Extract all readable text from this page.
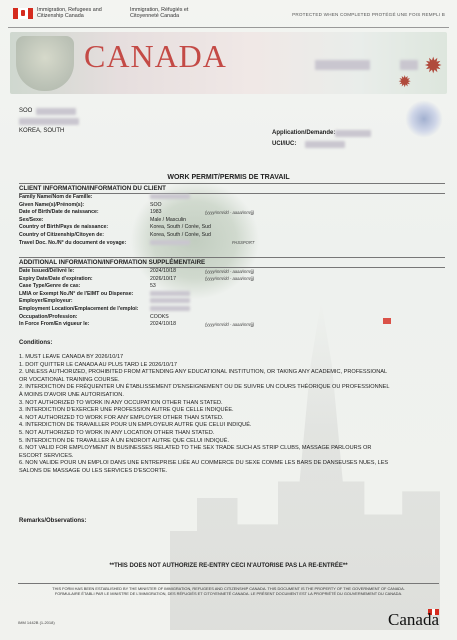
Immigration, Refugees and
Citizenship Canada
Immigration, Réfugiés et
Citoyenneté Canada	PROTECTED WHEN COMPLETED PROTÉGÉ UNE FOIS REMPLI B
CANADA	✹
✹
SOO
KOREA, SOUTH	Application/Demande:
UCI/IUC:
WORK PERMIT/PERMIS DE TRAVAIL
CLIENT INFORMATION/INFORMATION DU CLIENT
Family Name/Nom de Famille:
Given Name(s)/Prénom(s):	SOO
Date of Birth/Date de naissance:	1983	(yyyy/mm/dd - aaaa/mm/jj)
Sex/Sexe:	Male / Masculin
Country of Birth/Pays de naissance:	Korea, South / Corée, Sud
Country of Citizenship/Citoyen de:	Korea, South / Corée, Sud
Travel Doc. No./N° du document de voyage:	PASSPORT
ADDITIONAL INFORMATION/INFORMATION SUPPLÉMENTAIRE
Date Issued/Délivré le:	2024/10/18	(yyyy/mm/dd - aaaa/mm/jj)
Expiry Date/Date d'expiration:	2026/10/17	(yyyy/mm/dd - aaaa/mm/jj)
Case Type/Genre de cas:	53
LMIA or Exempt No./N° de l'EIMT ou Dispense:
Employer/Employeur:
Employment Location/Emplacement de l'emploi:
Occupation/Profession:	COOKS
In Force From/En vigueur le:	2024/10/18	(yyyy/mm/dd - aaaa/mm/jj)
Conditions:
1. MUST LEAVE CANADA BY 2026/10/17
1. DOIT QUITTER LE CANADA AU PLUS TARD LE 2026/10/17
2. UNLESS AUTHORIZED, PROHIBITED FROM ATTENDING ANY EDUCATIONAL INSTITUTION, OR TAKING ANY ACADEMIC, PROFESSIONAL
OR VOCATIONAL TRAINING COURSE.
2. INTERDICTION DE FRÉQUENTER UN ÉTABLISSEMENT D'ENSEIGNEMENT OU DE SUIVRE UN COURS THÉORIQUE OU PROFESSIONNEL
À MOINS D'AVOIR UNE AUTORISATION.
3. NOT AUTHORIZED TO WORK IN ANY OCCUPATION OTHER THAN STATED.
3. INTERDICTION D'EXERCER UNE PROFESSION AUTRE QUE CELLE INDIQUÉE.
4. NOT AUTHORIZED TO WORK FOR ANY EMPLOYER OTHER THAN STATED.
4. INTERDICTION DE TRAVAILLER POUR UN EMPLOYEUR AUTRE QUE CELUI INDIQUÉ.
5. NOT AUTHORIZED TO WORK IN ANY LOCATION OTHER THAN STATED.
5. INTERDICTION DE TRAVAILLER À UN ENDROIT AUTRE QUE CELUI INDIQUÉ.
6. NOT VALID FOR EMPLOYMENT IN BUSINESSES RELATED TO THE SEX TRADE SUCH AS STRIP CLUBS, MASSAGE PARLOURS OR
ESCORT SERVICES.
6. NON VALIDE POUR UN EMPLOI DANS UNE ENTREPRISE LIÉE AU COMMERCE DU SEXE COMME LES BARS DE DANSEUSES NUES, LES
SALONS DE MASSAGE OU LES SERVICES D'ESCORTE.
Remarks/Observations:
**THIS DOES NOT AUTHORIZE RE-ENTRY CECI N'AUTORISE PAS LA RE-ENTRÉE**
THIS FORM HAS BEEN ESTABLISHED BY THE MINISTER OF IMMIGRATION, REFUGEES AND CITIZENSHIP CANADA. THIS DOCUMENT IS THE PROPERTY OF THE GOVERNMENT OF CANADA.
FORMULAIRE ÉTABLI PAR LE MINISTRE DE L'IMMIGRATION, DES RÉFUGIÉS ET CITOYENNETÉ CANADA. LE PRÉSENT DOCUMENT EST LA PROPRIÉTÉ DU GOUVERNEMENT DU CANADA.
IMM 1442B (1-2018)	Canada
